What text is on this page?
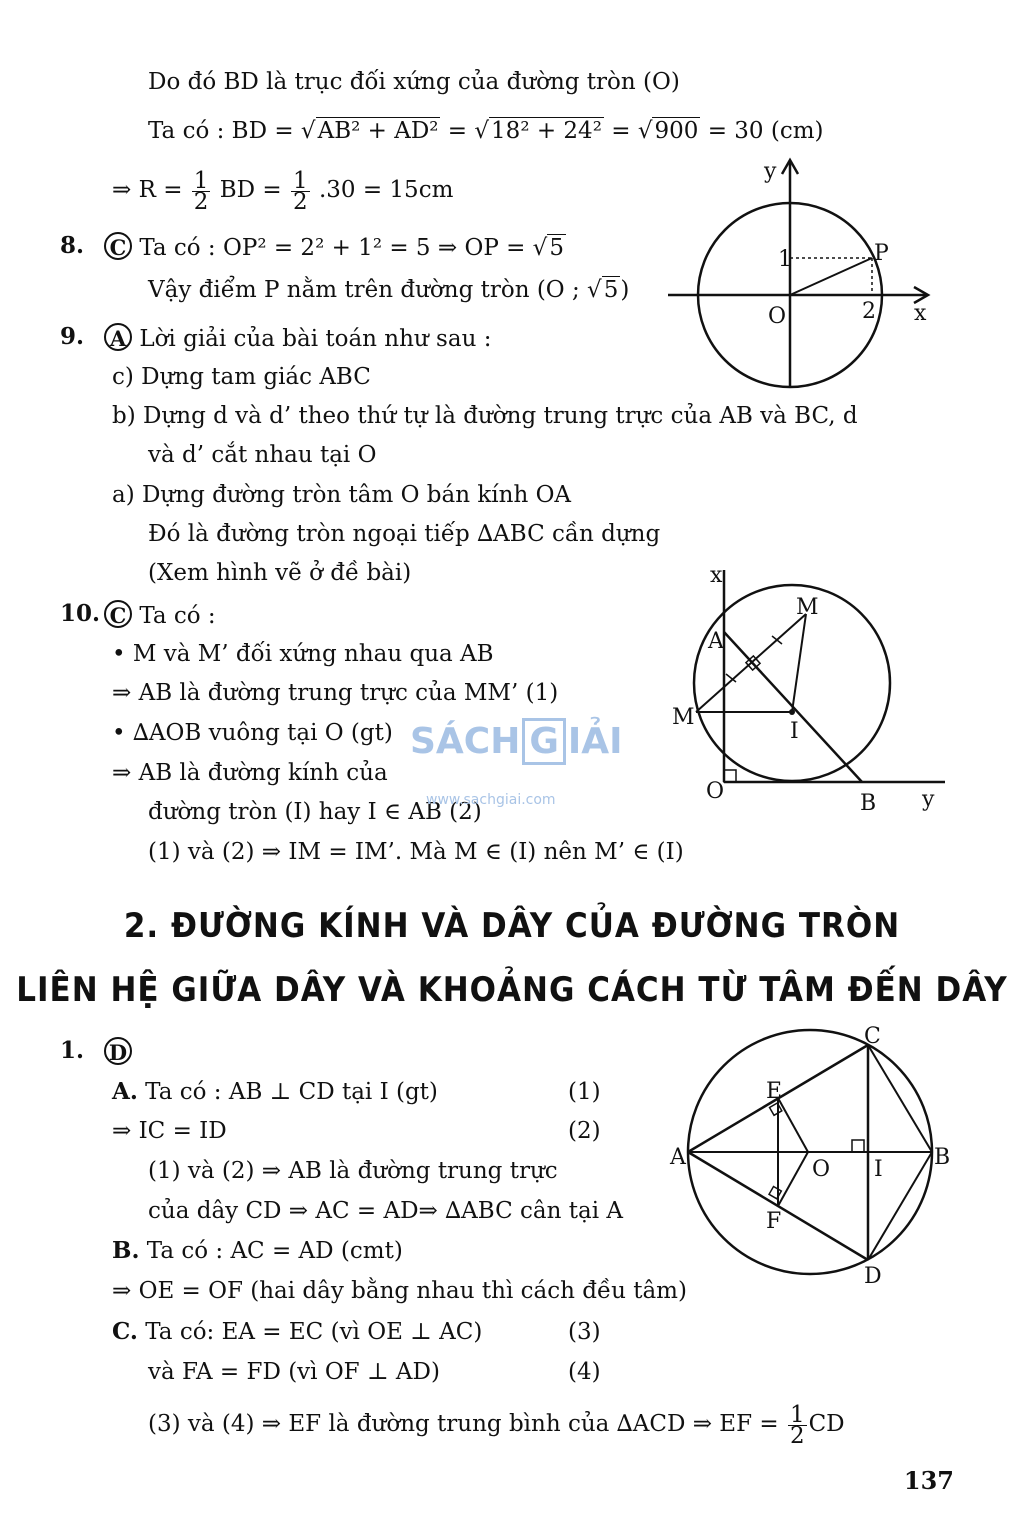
Do đó BD là trục đối xứng của đường tròn (O)
Ta có : BD = √AB² + AD² = √18² + 24² = √900 = 30 (cm)
⇒ $R = \frac{1}{2}$ BD = $\frac{1}{2} .30 = 15cm$
8. C Ta có : OP² = 2² + 1² = 5 ⇒ OP = √5
Vậy điểm P nằm trên đường tròn (O ; √5)
y
x
O
P
1
2
9. A Lời giải của bài toán như sau :
c) Dựng tam giác ABC
b) Dựng d và d’ theo thứ tự là đường trung trực của AB và BC, d
và d’ cắt nhau tại O
a) Dựng đường tròn tâm O bán kính OA
Đó là đường tròn ngoại tiếp ∆ABC cần dựng
(Xem hình vẽ ở đề bài)
10. C Ta có :
• M và M’ đối xứng nhau qua AB
⇒ AB là đường trung trực của MM’ (1)
• ∆AOB vuông tại O (gt)
⇒ AB là đường kính của
đường tròn (I) hay I ∈ AB (2)
(1) và (2) ⇒ IM = IM’. Mà M ∈ (I) nên M’ ∈ (I)
x
y
M
A
M
I
O	B
SÁCH G IẢI
www.sachgiai.com
2. ĐƯỜNG KÍNH VÀ DÂY CỦA ĐƯỜNG TRÒN
LIÊN HỆ GIỮA DÂY VÀ KHOẢNG CÁCH TỪ TÂM ĐẾN DÂY
1. D
A. Ta có : AB ⊥ CD tại I (gt)	(1)
⇒ IC = ID	(2)
(1) và (2) ⇒ AB là đường trung trực
của dây CD ⇒ AC = AD⇒ ∆ABC cân tại A
B. Ta có : AC = AD (cmt)
⇒ OE = OF (hai dây bằng nhau thì cách đều tâm)
C. Ta có: EA = EC (vì OE ⊥ AC)	(3)
và FA = FD (vì OF ⊥ AD)	(4)
(3) và (4) ⇒ EF là đường trung bình của ∆ACD ⇒ EF = $\frac{1}{2}$ CD
C
E
A	O I B
F
D
137
